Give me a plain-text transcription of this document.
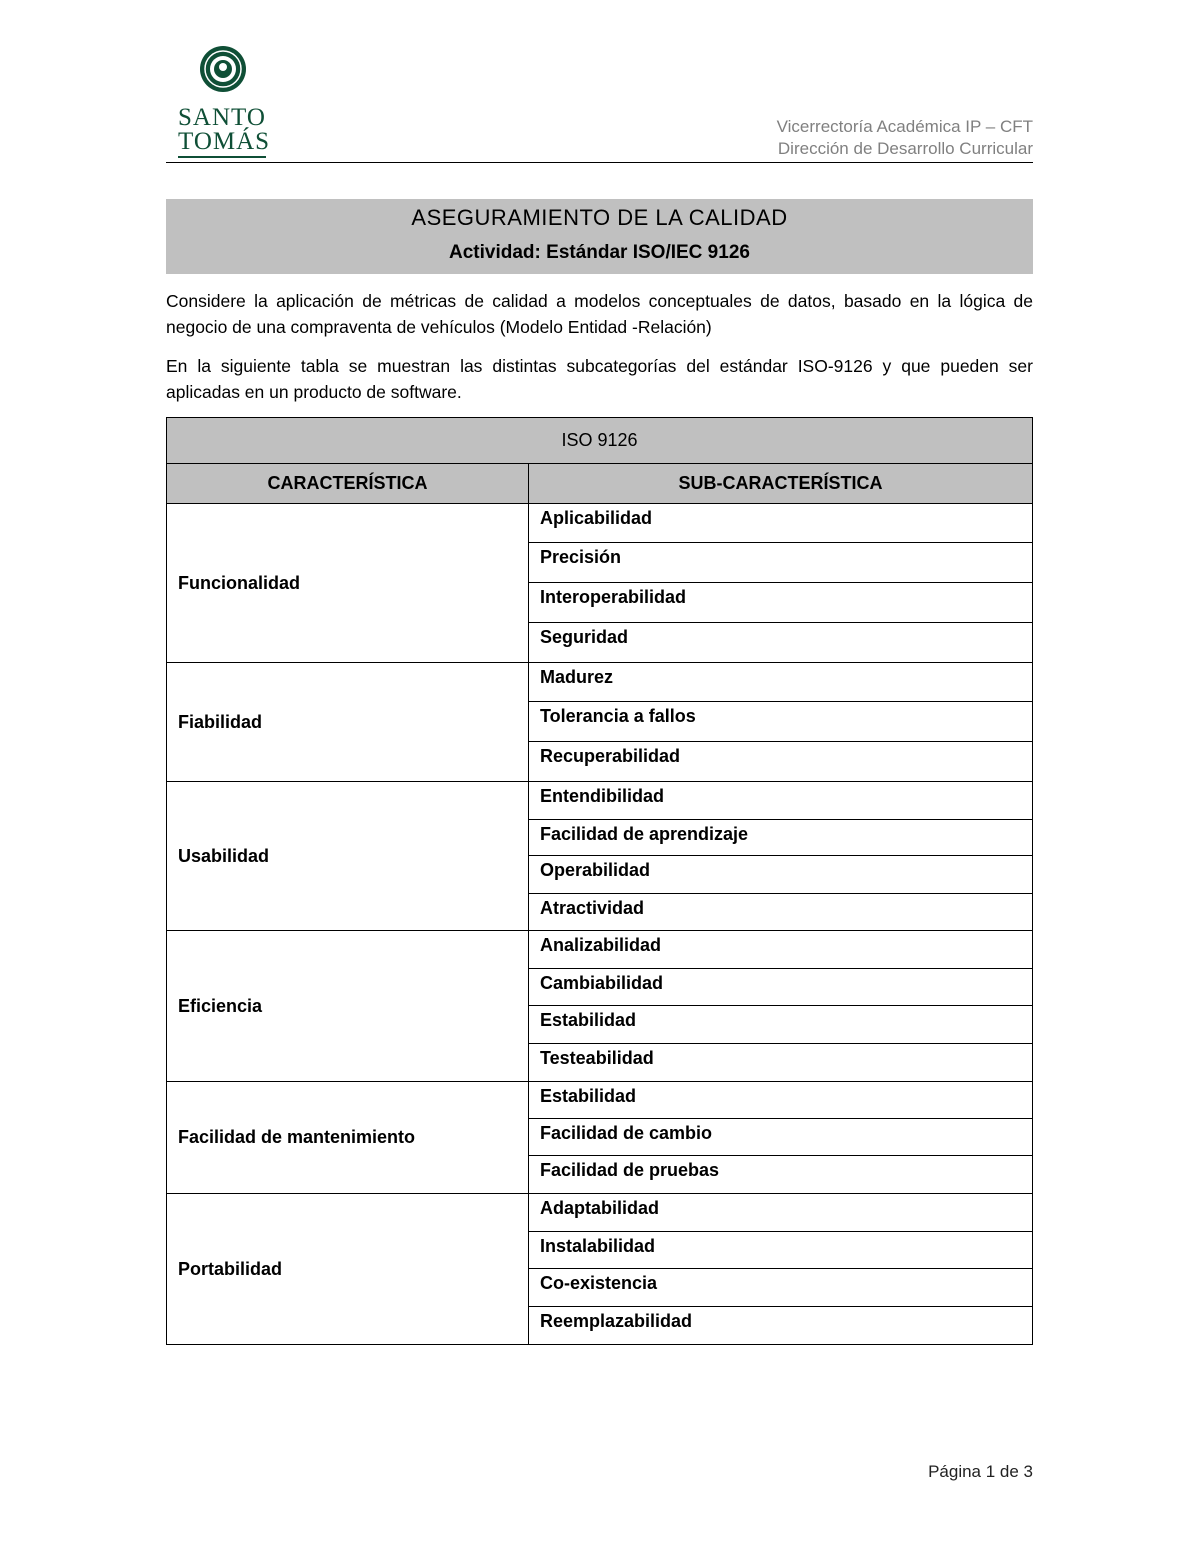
SANTO
TOMÁS
Vicerrectoría Académica IP – CFT
Dirección de Desarrollo Curricular
ASEGURAMIENTO DE LA CALIDAD
Actividad: Estándar ISO/IEC 9126
Considere la aplicación de métricas de calidad a modelos conceptuales de datos, basado en la lógica de negocio de una compraventa de vehículos (Modelo Entidad -Relación)
En la siguiente tabla se muestran las distintas subcategorías del estándar ISO-9126 y que pueden ser aplicadas en un producto de software.
ISO 9126	
CARACTERÍSTICA	SUB-CARACTERÍSTICA
Funcionalidad	Aplicabilidad
	Precisión
	Interoperabilidad
	Seguridad
Fiabilidad	Madurez
	Tolerancia a fallos
	Recuperabilidad
Usabilidad	Entendibilidad
	Facilidad de aprendizaje
	Operabilidad
	Atractividad
Eficiencia	Analizabilidad
	Cambiabilidad
	Estabilidad
	Testeabilidad
Facilidad de mantenimiento	Estabilidad
	Facilidad de cambio
	Facilidad de pruebas
Portabilidad	Adaptabilidad
	Instalabilidad
	Co-existencia
	Reemplazabilidad
Página 1 de 3
